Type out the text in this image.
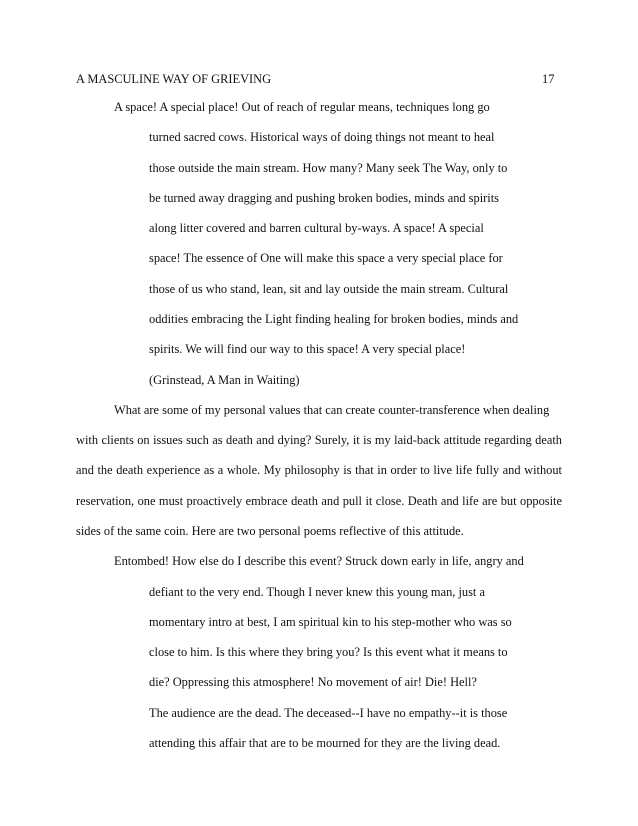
A MASCULINE WAY OF GRIEVING	17
A space! A special place! Out of reach of regular means, techniques long go
turned sacred cows. Historical ways of doing things not meant to heal
those outside the main stream. How many? Many seek The Way, only to
be turned away dragging and pushing broken bodies, minds and spirits
along litter covered and barren cultural by-ways. A space! A special
space! The essence of One will make this space a very special place for
those of us who stand, lean, sit and lay outside the main stream. Cultural
oddities embracing the Light finding healing for broken bodies, minds and
spirits. We will find our way to this space! A very special place!
(Grinstead, A Man in Waiting)
What are some of my personal values that can create counter-transference when dealing
with clients on issues such as death and dying? Surely, it is my laid-back attitude regarding death
and the death experience as a whole. My philosophy is that in order to live life fully and without
reservation, one must proactively embrace death and pull it close. Death and life are but opposite
sides of the same coin. Here are two personal poems reflective of this attitude.
Entombed! How else do I describe this event? Struck down early in life, angry and
defiant to the very end. Though I never knew this young man, just a
momentary intro at best, I am spiritual kin to his step-mother who was so
close to him. Is this where they bring you? Is this event what it means to
die? Oppressing this atmosphere! No movement of air! Die! Hell?
The audience are the dead. The deceased--I have no empathy--it is those
attending this affair that are to be mourned for they are the living dead.
